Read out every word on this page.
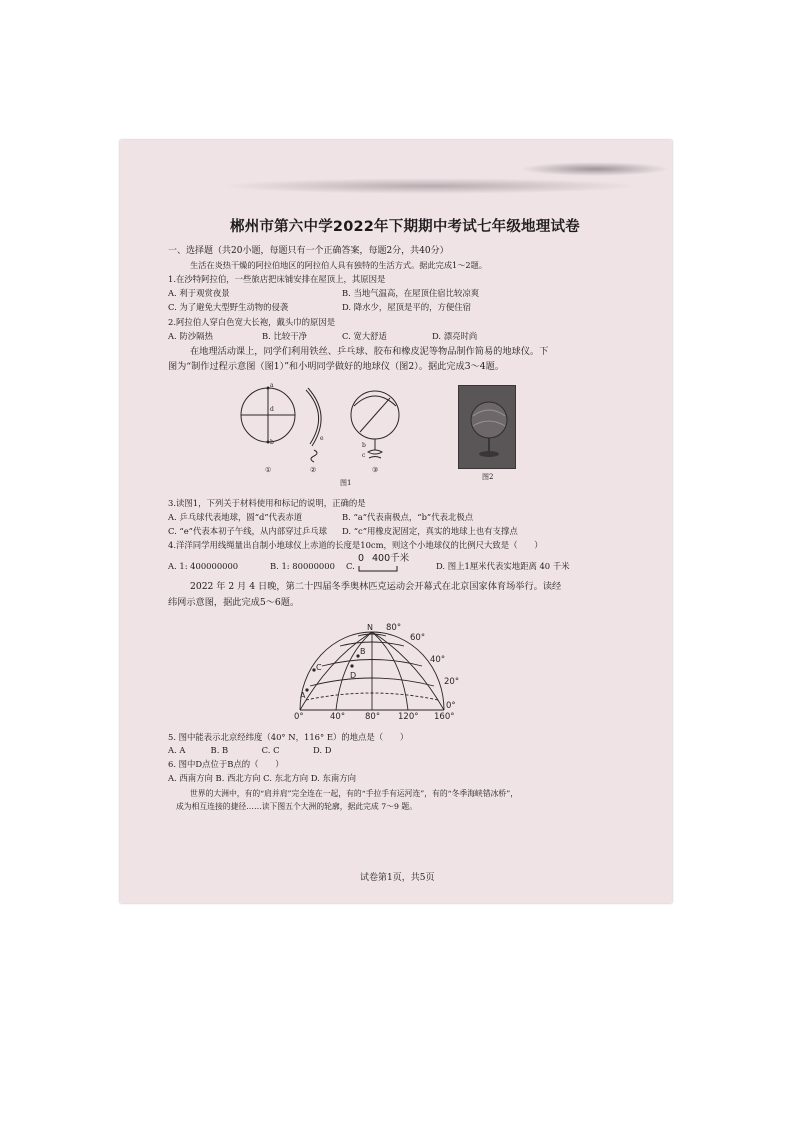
郴州市第六中学2022年下期期中考试七年级地理试卷
一、选择题（共20小题，每题只有一个正确答案，每题2分，共40分）
生活在炎热干燥的阿拉伯地区的阿拉伯人具有独特的生活方式。据此完成1～2题。
1.在沙特阿拉伯，一些旅店把床铺安排在屋顶上，其原因是
A. 利于观赏夜景	B. 当地气温高，在屋顶住宿比较凉爽
C. 为了避免大型野生动物的侵袭	D. 降水少，屋顶是平的，方便住宿
2.阿拉伯人穿白色宽大长袍，戴头巾的原因是
A. 防沙隔热	B. 比较干净	C. 宽大舒适	D. 漂亮时尚
在地理活动课上，同学们利用铁丝、乒乓球、胶布和橡皮泥等物品制作简易的地球仪。下
图为“制作过程示意图（图1）”和小明同学做好的地球仪（图2）。据此完成3～4题。
a
b
d
e
b
c
①	②	③
图1
图2
3.读图1，下列关于材料使用和标记的说明，正确的是
A. 乒乓球代表地球，圆“d”代表赤道	B. “a”代表南极点，“b”代表北极点
C. “e”代表本初子午线，从内部穿过乒乓球 D. “c”用橡皮泥固定，真实的地球上也有支撑点
4.洋洋同学用线绳量出自制小地球仪上赤道的长度是10cm，则这个小地球仪的比例尺大致是（　　）
A. 1: 400000000	B. 1: 80000000 C.
0 400千米
D. 图上1厘米代表实地距离 40 千米
2022 年 2 月 4 日晚，第二十四届冬季奥林匹克运动会开幕式在北京国家体育场举行。读经
纬网示意图，据此完成5～6题。
N 80°
60°
40°
20°
0°
0°	40° 80° 120° 160°
A
B
C
D
5. 图中能表示北京经纬度（40° N，116° E）的地点是（　　）
A. A　　　B. B　　　　C. C　　　　D. D
6. 图中D点位于B点的（　　）
A. 西南方向 B. 西北方向 C. 东北方向 D. 东南方向
世界的大洲中，有的“肩并肩”完全连在一起，有的“手拉手有运河连”，有的“冬季海峡错冰桥”，
成为相互连接的捷径……读下图五个大洲的轮廓，据此完成 7～9 题。
试卷第1页，共5页
